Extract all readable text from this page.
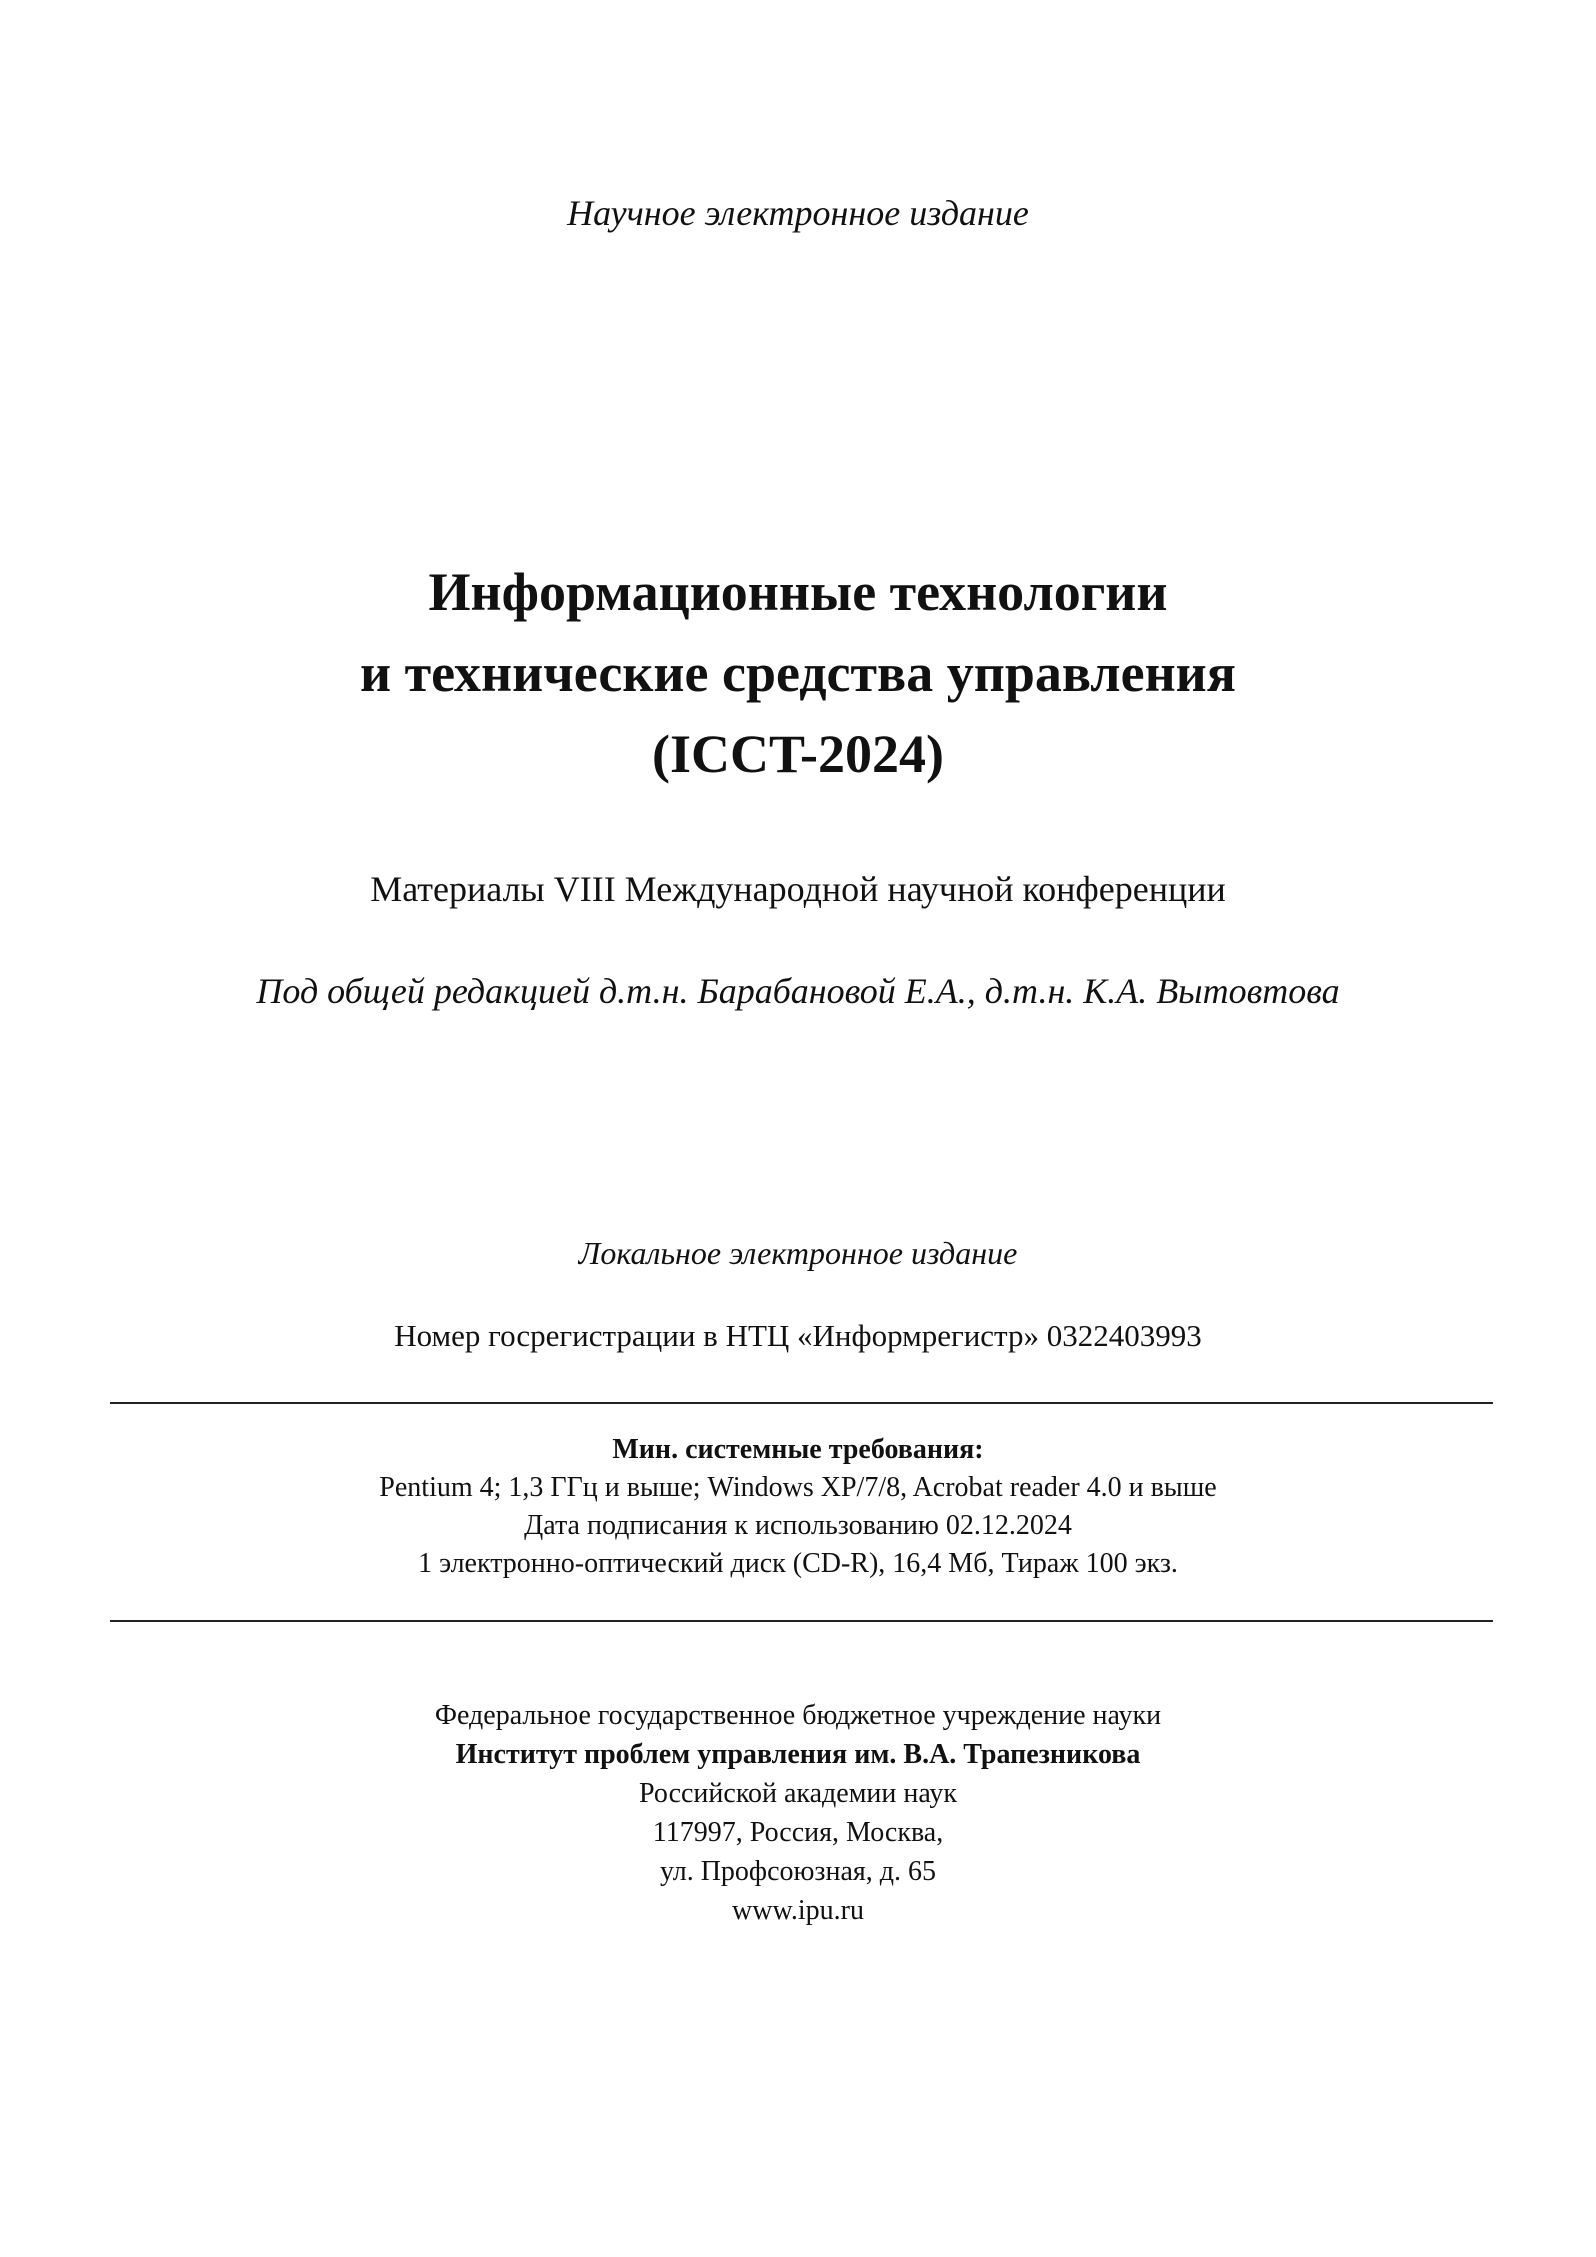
Научное электронное издание
Информационные технологии
и технические средства управления
(ICCT-2024)
Материалы VIII Международной научной конференции
Под общей редакцией д.т.н. Барабановой Е.А., д.т.н. К.А. Вытовтова
Локальное электронное издание
Номер госрегистрации в НТЦ «Информрегистр» 0322403993
Мин. системные требования:
Pentium 4; 1,3 ГГц и выше; Windows XP/7/8, Acrobat reader 4.0 и выше
Дата подписания к использованию 02.12.2024
1 электронно-оптический диск (CD-R), 16,4 Мб, Тираж 100 экз.
Федеральное государственное бюджетное учреждение науки
Институт проблем управления им. В.А. Трапезникова
Российской академии наук
117997, Россия, Москва,
ул. Профсоюзная, д. 65
www.ipu.ru
